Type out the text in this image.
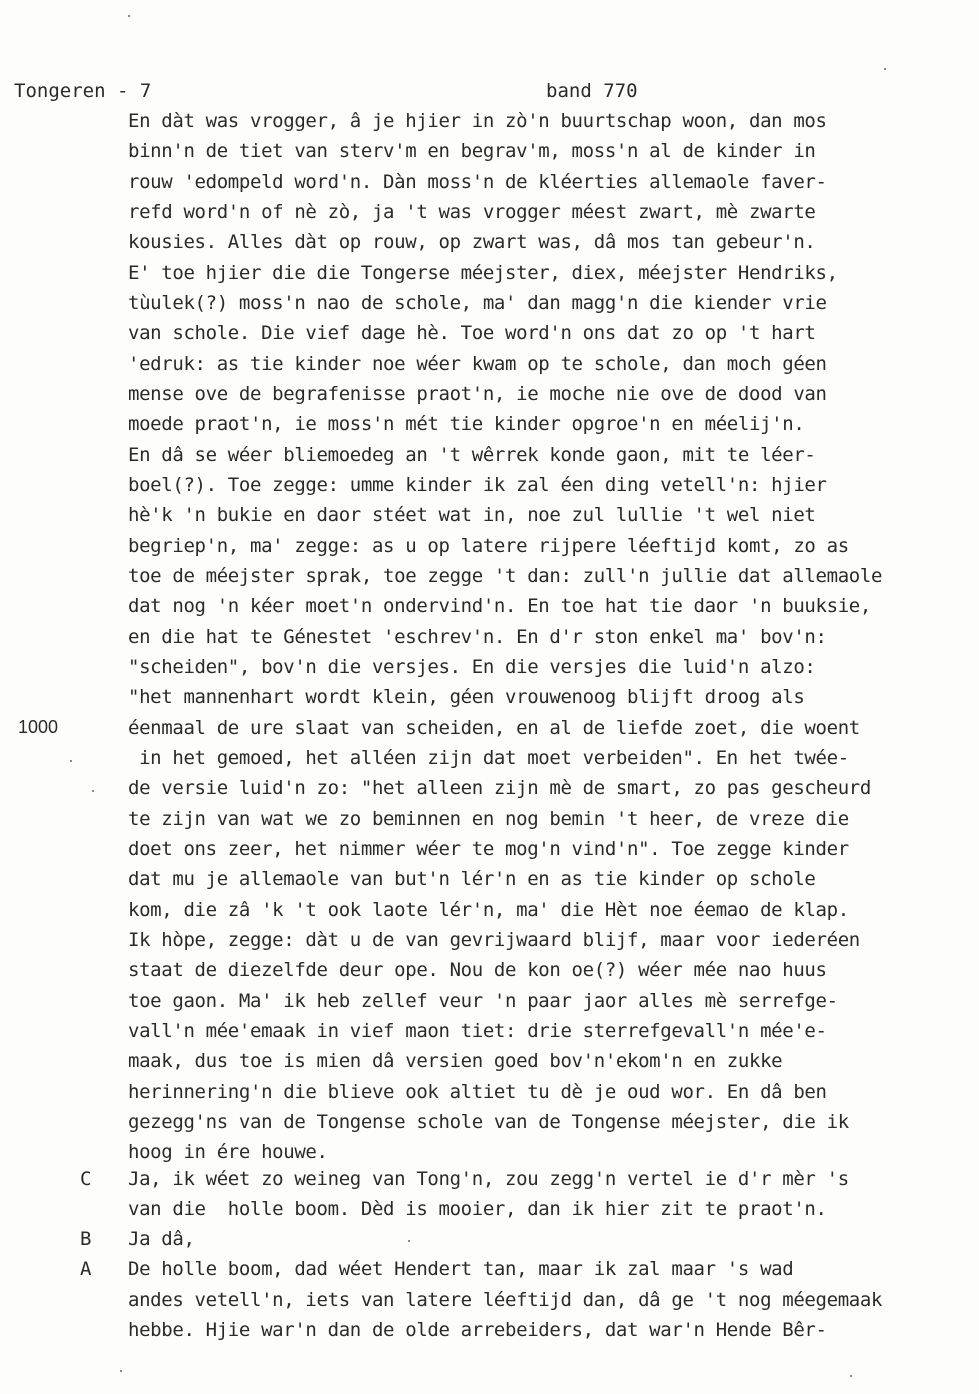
Tongeren - 7	band 770
1000
C
B
A
En dàt was vrogger, â je hjier in zò'n buurtschap woon, dan mos
binn'n de tiet van sterv'm en begrav'm, moss'n al de kinder in
rouw 'edompeld word'n. Dàn moss'n de kléerties allemaole faver-
refd word'n of nè zò, ja 't was vrogger méest zwart, mè zwarte
kousies. Alles dàt op rouw, op zwart was, dâ mos tan gebeur'n.
E' toe hjier die die Tongerse méejster, diex, méejster Hendriks,
tùulek(?) moss'n nao de schole, ma' dan magg'n die kiender vrie
van schole. Die vief dage hè. Toe word'n ons dat zo op 't hart
'edruk: as tie kinder noe wéer kwam op te schole, dan moch géen
mense ove de begrafenisse praot'n, ie moche nie ove de dood van
moede praot'n, ie moss'n mét tie kinder opgroe'n en méelij'n.
En dâ se wéer bliemoedeg an 't wêrrek konde gaon, mit te léer-
boel(?). Toe zegge: umme kinder ik zal éen ding vetell'n: hjier
hè'k 'n bukie en daor stéet wat in, noe zul lullie 't wel niet
begriep'n, ma' zegge: as u op latere rijpere léeftijd komt, zo as
toe de méejster sprak, toe zegge 't dan: zull'n jullie dat allemaole
dat nog 'n kéer moet'n ondervind'n. En toe hat tie daor 'n buuksie,
en die hat te Génestet 'eschrev'n. En d'r ston enkel ma' bov'n:
"scheiden", bov'n die versjes. En die versjes die luid'n alzo:
"het mannenhart wordt klein, géen vrouwenoog blijft droog als
éenmaal de ure slaat van scheiden, en al de liefde zoet, die woent
in het gemoed, het alléen zijn dat moet verbeiden". En het twée-
de versie luid'n zo: "het alleen zijn mè de smart, zo pas gescheurd
te zijn van wat we zo beminnen en nog bemin 't heer, de vreze die
doet ons zeer, het nimmer wéer te mog'n vind'n". Toe zegge kinder
dat mu je allemaole van but'n lér'n en as tie kinder op schole
kom, die zâ 'k 't ook laote lér'n, ma' die Hèt noe éemao de klap.
Ik hòpe, zegge: dàt u de van gevrijwaard blijf, maar voor iederéen
staat de diezelfde deur ope. Nou de kon oe(?) wéer mée nao huus
toe gaon. Ma' ik heb zellef veur 'n paar jaor alles mè serrefge-
vall'n mée'emaak in vief maon tiet: drie sterrefgevall'n mée'e-
maak, dus toe is mien dâ versien goed bov'n'ekom'n en zukke
herinnering'n die blieve ook altiet tu dè je oud wor. En dâ ben
gezegg'ns van de Tongense schole van de Tongense méejster, die ik
hoog in ére houwe.
Ja, ik wéet zo weineg van Tong'n, zou zegg'n vertel ie d'r mèr 's
van die  holle boom. Dèd is mooier, dan ik hier zit te praot'n.
Ja dâ,
De holle boom, dad wéet Hendert tan, maar ik zal maar 's wad
andes vetell'n, iets van latere léeftijd dan, dâ ge 't nog méegemaak
hebbe. Hjie war'n dan de olde arrebeiders, dat war'n Hende Bêr-
